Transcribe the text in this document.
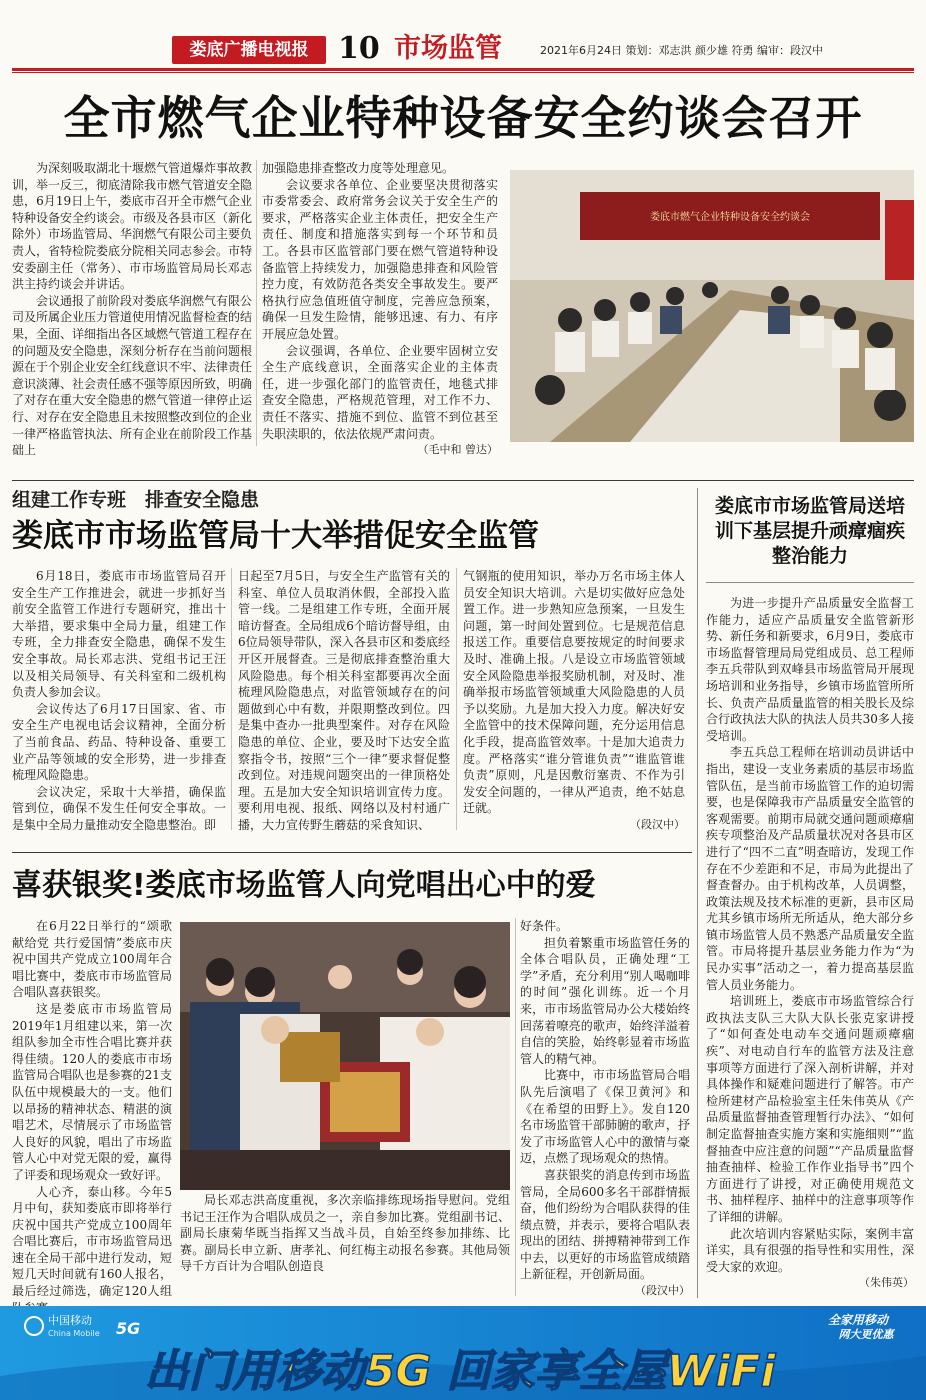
娄底广播电视报 10 市场监管	2021年6月24日 策划：邓志洪 颜少雄 符勇 编审：段汉中
全市燃气企业特种设备安全约谈会召开

为深刻吸取湖北十堰燃气管道爆炸事故教训，举一反三，彻底清除我市燃气管道安全隐患，6月19日上午，娄底市召开全市燃气企业特种设备安全约谈会。市级及各县市区（新化除外）市场监管局、华润燃气有限公司主要负责人，省特检院娄底分院相关同志参会。市特安委副主任（常务）、市市场监管局局长邓志洪主持约谈会并讲话。

会议通报了前阶段对娄底华润燃气有限公司及所属企业压力管道使用情况监督检查的结果，全面、详细指出各区域燃气管道工程存在的问题及安全隐患，深刻分析存在当前问题根源在于个别企业安全红线意识不牢、法律责任意识淡薄、社会责任感不强等原因所致，明确了对存在重大安全隐患的燃气管道一律停止运行、对存在安全隐患且未按照整改到位的企业一律严格监管执法、所有企业在前阶段工作基础上

加强隐患排查整改力度等处理意见。

会议要求各单位、企业要坚决贯彻落实市委常委会、政府常务会议关于安全生产的要求，严格落实企业主体责任，把安全生产责任、制度和措施落实到每一个环节和员工。各县市区监管部门要在燃气管道特种设备监管上持续发力，加强隐患排查和风险管控力度，有效防范各类安全事故发生。要严格执行应急值班值守制度，完善应急预案，确保一旦发生险情，能够迅速、有力、有序开展应急处置。

会议强调，各单位、企业要牢固树立安全生产底线意识，全面落实企业的主体责任，进一步强化部门的监管责任，地毯式排查安全隐患，严格规范管理，对工作不力、责任不落实、措施不到位、监管不到位甚至失职渎职的，依法依规严肃问责。

（毛中和 曾达）
娄底市燃气企业特种设备安全约谈会
组建工作专班　排查安全隐患
娄底市市场监管局十大举措促安全监管

6月18日，娄底市市场监管局召开安全生产工作推进会，就进一步抓好当前安全监管工作进行专题研究，推出十大举措，要求集中全局力量，组建工作专班，全力排查安全隐患，确保不发生安全事故。局长邓志洪、党组书记王汪以及相关局领导、有关科室和二级机构负责人参加会议。

会议传达了6月17日国家、省、市安全生产电视电话会议精神，全面分析了当前食品、药品、特种设备、重要工业产品等领域的安全形势，进一步排查梳理风险隐患。

会议决定，采取十大举措，确保监管到位，确保不发生任何安全事故。一是集中全局力量推动安全隐患整治。即

日起至7月5日，与安全生产监管有关的科室、单位人员取消休假，全部投入监管一线。二是组建工作专班，全面开展暗访督查。全局组成6个暗访督导组，由6位局领导带队，深入各县市区和娄底经开区开展督查。三是彻底排查整治重大风险隐患。每个相关科室都要再次全面梳理风险隐患点，对监管领域存在的问题做到心中有数，并限期整改到位。四是集中查办一批典型案件。对存在风险隐患的单位、企业，要及时下达安全监察指令书，按照“三个一律”要求督促整改到位。对违规问题突出的一律顶格处理。五是加大安全知识培训宣传力度。要利用电视、报纸、网络以及村村通广播，大力宣传野生蘑菇的采食知识、

气钢瓶的使用知识，举办万名市场主体人员安全知识大培训。六是切实做好应急处置工作。进一步熟知应急预案，一旦发生问题，第一时间处置到位。七是规范信息报送工作。重要信息要按规定的时间要求及时、准确上报。八是设立市场监管领域安全风险隐患举报奖励机制，对及时、准确举报市场监管领域重大风险隐患的人员予以奖励。九是加大投入力度。解决好安全监管中的技术保障问题，充分运用信息化手段，提高监管效率。十是加大追责力度。严格落实“谁分管谁负责”“谁监管谁负责”原则，凡是因敷衍塞责、不作为引发安全问题的，一律从严追责，绝不姑息迁就。

（段汉中）
娄底市市场监管局送培训下基层提升顽瘴痼疾整治能力

为进一步提升产品质量安全监督工作能力，适应产品质量安全监管新形势、新任务和新要求，6月9日，娄底市市场监督管理局局党组成员、总工程师李五兵带队到双峰县市场监管局开展现场培训和业务指导，乡镇市场监管所所长、负责产品质量监管的相关股长及综合行政执法大队的执法人员共30多人接受培训。

李五兵总工程师在培训动员讲话中指出，建设一支业务素质的基层市场监管队伍，是当前市场监管工作的迫切需要，也是保障我市产品质量安全监管的客观需要。前期市局就交通问题顽瘴痼疾专项整治及产品质量状况对各县市区进行了“四不二直”明查暗访，发现工作存在不少差距和不足，市局为此提出了督查督办。由于机构改革，人员调整，政策法规及技术标准的更新，县市区局尤其乡镇市场所无所适从，绝大部分乡镇市场监管人员不熟悉产品质量安全监管。市局将提升基层业务能力作为“为民办实事”活动之一，着力提高基层监管人员业务能力。

培训班上，娄底市市场监管综合行政执法支队三大队大队长张克家讲授了“如何查处电动车交通问题顽瘴痼疾”、对电动自行车的监管方法及注意事项等方面进行了深入剖析讲解，并对具体操作和疑难问题进行了解答。市产检所建材产品检验室主任朱伟英从《产品质量监督抽查管理暂行办法》、“如何制定监督抽查实施方案和实施细则”“监督抽查中应注意的问题”“产品质量监督抽查抽样、检验工作作业指导书”四个方面进行了讲授，对正确使用规范文书、抽样程序、抽样中的注意事项等作了详细的讲解。

此次培训内容紧贴实际，案例丰富详实，具有很强的指导性和实用性，深受大家的欢迎。

（朱伟英）
喜获银奖!娄底市场监管人向党唱出心中的爱

在6月22日举行的“颂歌献给党 共行爱国情”娄底市庆祝中国共产党成立100周年合唱比赛中，娄底市市场监管局合唱队喜获银奖。

这是娄底市市场监管局2019年1月组建以来，第一次组队参加全市性合唱比赛并获得佳绩。120人的娄底市市场监管局合唱队也是参赛的21支队伍中规模最大的一支。他们以昂扬的精神状态、精湛的演唱艺术，尽情展示了市场监管人良好的风貌，唱出了市场监管人心中对党无限的爱，赢得了评委和现场观众一致好评。

人心齐，泰山移。今年5月中旬，获知娄底市即将举行庆祝中国共产党成立100周年合唱比赛后，市市场监管局迅速在全局干部中进行发动，短短几天时间就有160人报名，最后经过筛选，确定120人组

局长邓志洪高度重视，多次亲临排练现场指导慰问。党组书记王汪作为合唱队成员之一，亲自参加比赛。党组副书记、副局长康菊华既当指挥又当战斗员，自始至终参加排练、比赛。副局长申立新、唐孝礼、何红梅主动报名参赛。其他局领导千方百计为合唱队创造良

好条件。

担负着繁重市场监管任务的全体合唱队员，正确处理“工学”矛盾，充分利用“别人喝咖啡的时间”强化训练。近一个月来，市市场监管局办公大楼始终回荡着嘹亮的歌声，始终洋溢着自信的笑脸，始终彰显着市场监管人的精气神。

比赛中，市市场监管局合唱队先后演唱了《保卫黄河》和《在希望的田野上》。发自120名市场监管干部肺腑的歌声，抒发了市场监管人心中的激情与豪迈，点燃了现场观众的热情。

喜获银奖的消息传到市场监管局，全局600多名干部群情振奋，他们纷纷为合唱队获得的佳绩点赞，并表示，要将合唱队表现出的团结、拼搏精神带到工作中去，以更好的市场监管成绩踏上新征程，开创新局面。

（段汉中）
中国移动
China Mobile 5G	全家用移动
网大更优惠
出门用移动5G 回家享全屋WiFi
